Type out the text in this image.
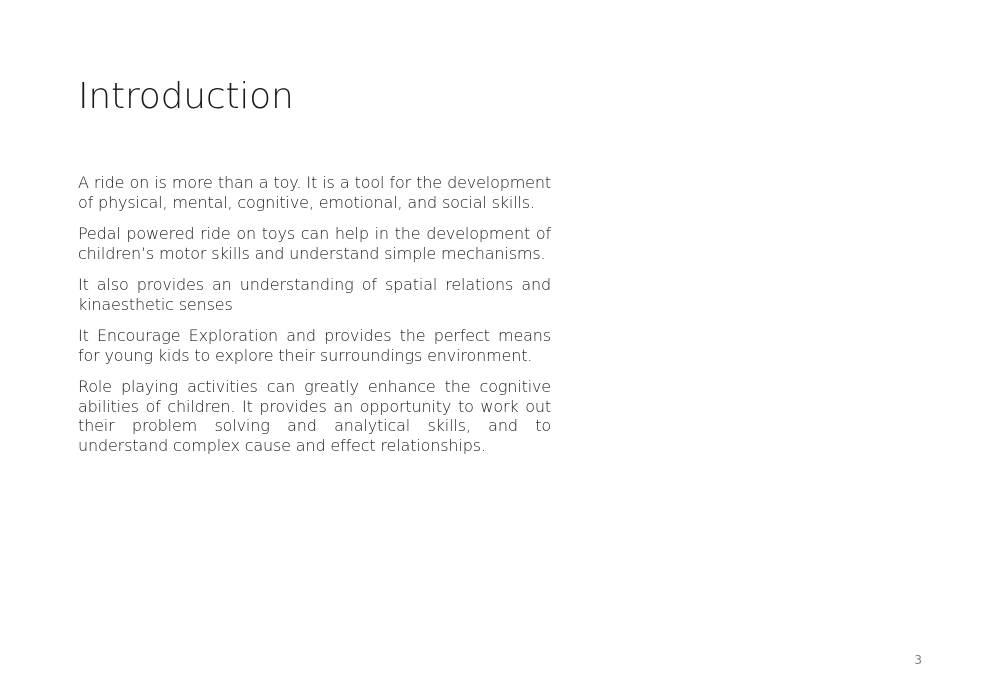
Introduction

A ride on is more than a toy. It is a tool for the development of physical, mental, cognitive, emotional, and social skills.

Pedal powered ride on toys can help in the development of children’s motor skills and understand simple mechanisms.

It also provides an understanding of spatial relations and kinaesthetic senses

It Encourage Exploration and provides the perfect means for young kids to explore their surroundings environment.

Role playing activities can greatly enhance the cognitive abilities of children. It provides an opportunity to work out their problem solving and analytical skills, and to understand complex cause and effect relationships.

3
